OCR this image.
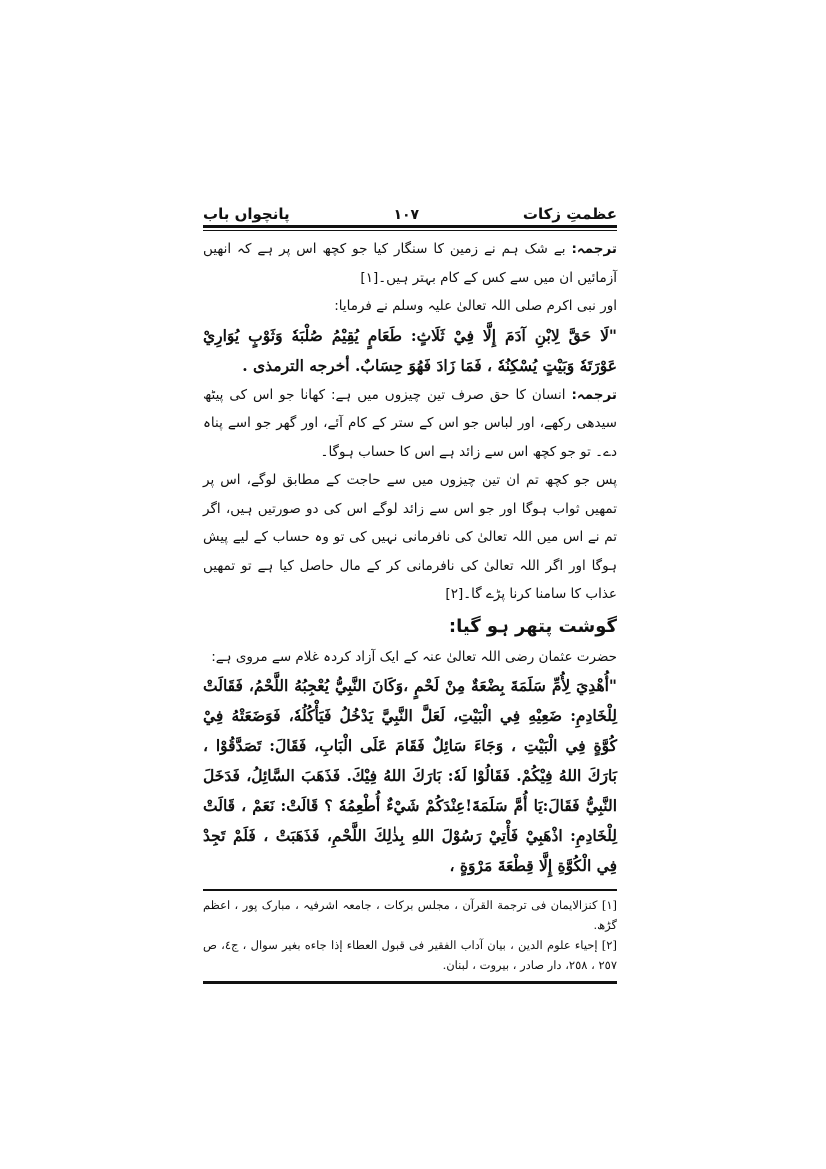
عظمتِ زکات
١٠٧
پانچواں باب

ترجمہ: بے شک ہم نے زمین کا سنگار کیا جو کچھ اس پر ہے کہ انھیں آزمائیں ان میں سے کس کے کام بہتر ہیں۔[١]

اور نبی اکرم صلی اللہ تعالیٰ علیہ وسلم نے فرمایا:

"لَا حَقَّ لِابْنِ آدَمَ إِلَّا فِيْ ثَلَاثٍ: طَعَامٍ يُقِيْمُ صُلْبَهٗ وَثَوْبٍ يُوَارِيْ عَوْرَتَهٗ وَبَيْتٍ يُسْكِنُهٗ ، فَمَا زَادَ فَهُوَ حِسَابٌ. أخرجه الترمذی .

ترجمہ: انسان کا حق صرف تین چیزوں میں ہے: کھانا جو اس کی پیٹھ سیدھی رکھے، اور لباس جو اس کے ستر کے کام آئے، اور گھر جو اسے پناہ دے۔ تو جو کچھ اس سے زائد ہے اس کا حساب ہوگا۔

پس جو کچھ تم ان تین چیزوں میں سے حاجت کے مطابق لوگے، اس پر تمھیں ثواب ہوگا اور جو اس سے زائد لوگے اس کی دو صورتیں ہیں، اگر تم نے اس میں اللہ تعالیٰ کی نافرمانی نہیں کی تو وہ حساب کے لیے پیش ہوگا اور اگر اللہ تعالیٰ کی نافرمانی کر کے مال حاصل کیا ہے تو تمھیں عذاب کا سامنا کرنا پڑے گا۔[٢]

گوشت پتھر ہو گیا:

حضرت عثمان رضی اللہ تعالیٰ عنہ کے ایک آزاد کردہ غلام سے مروی ہے:

"أُهْدِيَ لِأُمِّ سَلَمَةَ بِضْعَةٌ مِنْ لَحْمٍ ،وَكَانَ النَّبِيُّ يُعْجِبُهُ اللَّحْمُ، فَقَالَتْ لِلْخَادِمِ: ضَعِيْهِ فِي الْبَيْتِ، لَعَلَّ النَّبِيَّ يَدْخُلُ فَيَأْكُلُهٗ، فَوَضَعَتْهُ فِيْ كُوَّةٍ فِي الْبَيْتِ ، وَجَاءَ سَائِلٌ فَقَامَ عَلَى الْبَابِ، فَقَالَ: تَصَدَّقُوْا ، بَارَكَ اللهُ فِيْكُمْ. فَقَالُوْا لَهٗ: بَارَكَ اللهُ فِيْكَ. فَذَهَبَ السَّائِلُ، فَدَخَلَ النَّبِيُّ فَقَالَ:يَا أُمَّ سَلَمَةَ!عِنْدَكُمْ شَيْءٌ أُطْعِمُهٗ ؟ قَالَتْ: نَعَمْ ، قَالَتْ لِلْخَادِمِ: اذْهَبِيْ فَأْتِيْ رَسُوْلَ اللهِ بِذٰلِكَ اللَّحْمِ، فَذَهَبَتْ ، فَلَمْ تَجِدْ فِي الْكُوَّةِ إِلَّا قِطْعَةَ مَرْوَةٍ ،

[١] کنزالایمان فی ترجمة القرآن ، مجلس برکات ، جامعہ اشرفیہ ، مبارک پور ، اعظم گڑھ.

[٢] إحياء علوم الدين ، بيان آداب الفقير فی قبول العطاء إذا جاءه بغير سوال ، ج٤، ص ٢٥٧ ، ٢٥٨، دار صادر ، بيروت ، لبنان.
